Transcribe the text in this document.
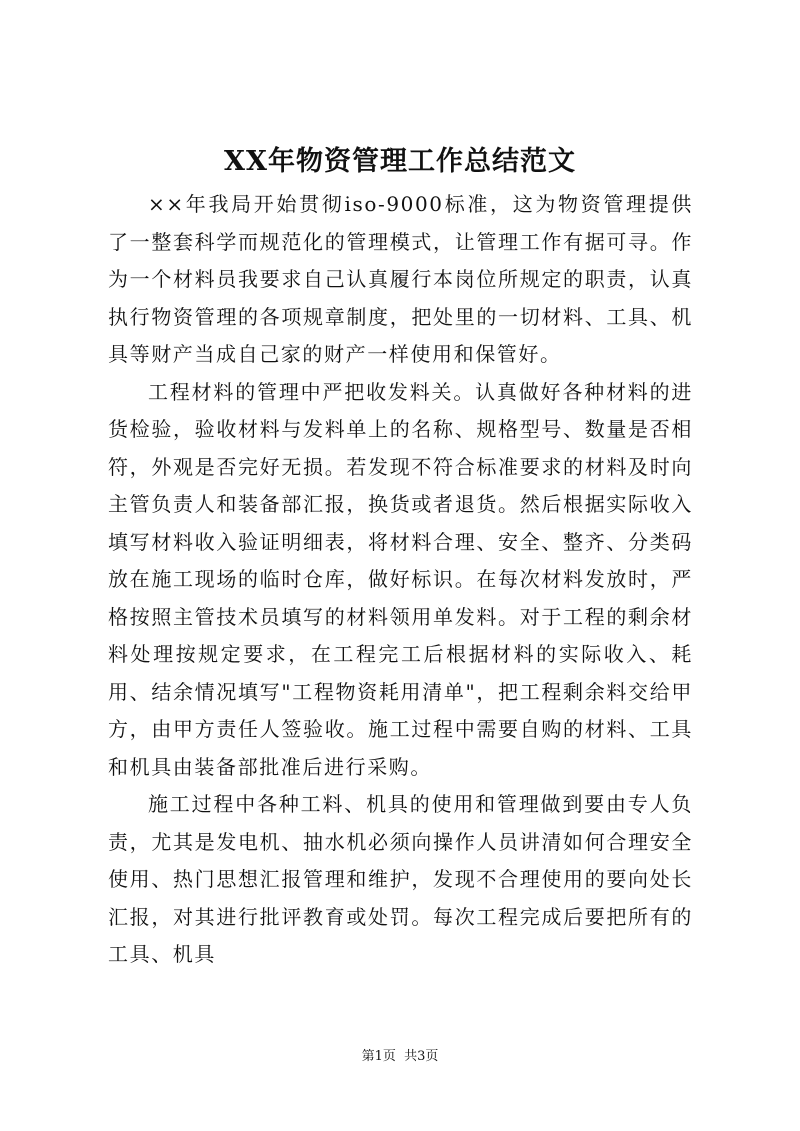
XX年物资管理工作总结范文

××年我局开始贯彻iso-9000标准，这为物资管理提供了一整套科学而规范化的管理模式，让管理工作有据可寻。作为一个材料员我要求自己认真履行本岗位所规定的职责，认真执行物资管理的各项规章制度，把处里的一切材料、工具、机具等财产当成自己家的财产一样使用和保管好。

工程材料的管理中严把收发料关。认真做好各种材料的进货检验，验收材料与发料单上的名称、规格型号、数量是否相符，外观是否完好无损。若发现不符合标准要求的材料及时向主管负责人和装备部汇报，换货或者退货。然后根据实际收入填写材料收入验证明细表，将材料合理、安全、整齐、分类码放在施工现场的临时仓库，做好标识。在每次材料发放时，严格按照主管技术员填写的材料领用单发料。对于工程的剩余材料处理按规定要求，在工程完工后根据材料的实际收入、耗用、结余情况填写"工程物资耗用清单"，把工程剩余料交给甲方，由甲方责任人签验收。施工过程中需要自购的材料、工具和机具由装备部批准后进行采购。

施工过程中各种工料、机具的使用和管理做到要由专人负责，尤其是发电机、抽水机必须向操作人员讲清如何合理安全使用、热门思想汇报管理和维护，发现不合理使用的要向处长汇报，对其进行批评教育或处罚。每次工程完成后要把所有的工具、机具

第1页 共3页
